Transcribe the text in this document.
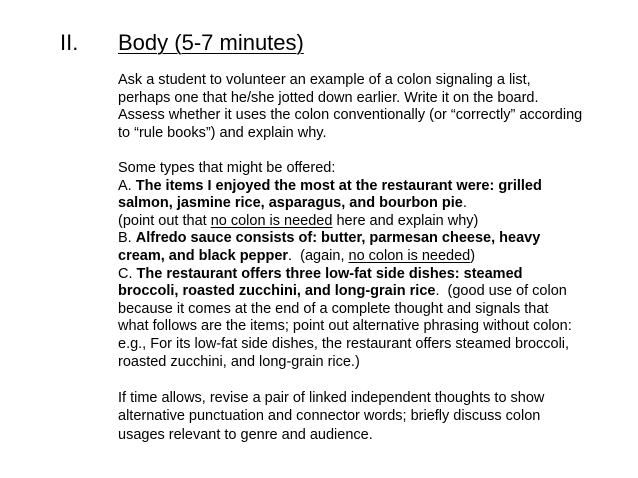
II. Body (5-7 minutes)

Ask a student to volunteer an example of a colon signaling a list, perhaps one that he/she jotted down earlier. Write it on the board. Assess whether it uses the colon conventionally (or “correctly” according to “rule books”) and explain why.

Some types that might be offered:

A. The items I enjoyed the most at the restaurant were: grilled salmon, jasmine rice, asparagus, and bourbon pie.
(point out that no colon is needed here and explain why)

B. Alfredo sauce consists of: butter, parmesan cheese, heavy cream, and black pepper.  (again, no colon is needed)

C. The restaurant offers three low-fat side dishes: steamed broccoli, roasted zucchini, and long-grain rice.  (good use of colon because it comes at the end of a complete thought and signals that what follows are the items; point out alternative phrasing without colon: e.g., For its low-fat side dishes, the restaurant offers steamed broccoli, roasted zucchini, and long-grain rice.)

If time allows, revise a pair of linked independent thoughts to show alternative punctuation and connector words; briefly discuss colon usages relevant to genre and audience.
